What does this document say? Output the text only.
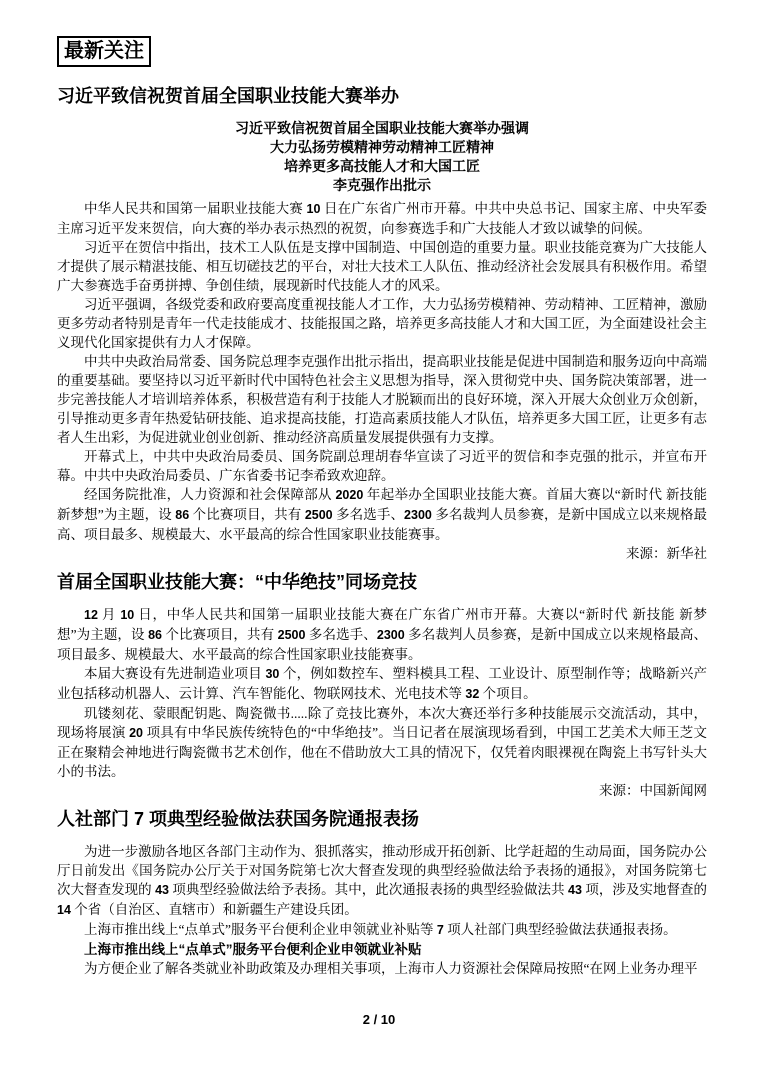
最新关注
习近平致信祝贺首届全国职业技能大赛举办
习近平致信祝贺首届全国职业技能大赛举办强调
大力弘扬劳模精神劳动精神工匠精神
培养更多高技能人才和大国工匠
李克强作出批示

中华人民共和国第一届职业技能大赛 10 日在广东省广州市开幕。中共中央总书记、国家主席、中央军委主席习近平发来贺信，向大赛的举办表示热烈的祝贺，向参赛选手和广大技能人才致以诚挚的问候。

习近平在贺信中指出，技术工人队伍是支撑中国制造、中国创造的重要力量。职业技能竞赛为广大技能人才提供了展示精湛技能、相互切磋技艺的平台，对壮大技术工人队伍、推动经济社会发展具有积极作用。希望广大参赛选手奋勇拼搏、争创佳绩，展现新时代技能人才的风采。

习近平强调，各级党委和政府要高度重视技能人才工作，大力弘扬劳模精神、劳动精神、工匠精神，激励更多劳动者特别是青年一代走技能成才、技能报国之路，培养更多高技能人才和大国工匠，为全面建设社会主义现代化国家提供有力人才保障。

中共中央政治局常委、国务院总理李克强作出批示指出，提高职业技能是促进中国制造和服务迈向中高端的重要基础。要坚持以习近平新时代中国特色社会主义思想为指导，深入贯彻党中央、国务院决策部署，进一步完善技能人才培训培养体系，积极营造有利于技能人才脱颖而出的良好环境，深入开展大众创业万众创新，引导推动更多青年热爱钻研技能、追求提高技能，打造高素质技能人才队伍，培养更多大国工匠，让更多有志者人生出彩，为促进就业创业创新、推动经济高质量发展提供强有力支撑。

开幕式上，中共中央政治局委员、国务院副总理胡春华宣读了习近平的贺信和李克强的批示，并宣布开幕。中共中央政治局委员、广东省委书记李希致欢迎辞。

经国务院批准，人力资源和社会保障部从 2020 年起举办全国职业技能大赛。首届大赛以“新时代 新技能 新梦想”为主题，设 86 个比赛项目，共有 2500 多名选手、2300 多名裁判人员参赛，是新中国成立以来规格最高、项目最多、规模最大、水平最高的综合性国家职业技能赛事。

来源：新华社
首届全国职业技能大赛：“中华绝技”同场竞技

12 月 10 日，中华人民共和国第一届职业技能大赛在广东省广州市开幕。大赛以“新时代 新技能 新梦想”为主题，设 86 个比赛项目，共有 2500 多名选手、2300 多名裁判人员参赛，是新中国成立以来规格最高、项目最多、规模最大、水平最高的综合性国家职业技能赛事。

本届大赛设有先进制造业项目 30 个，例如数控车、塑料模具工程、工业设计、原型制作等；战略新兴产业包括移动机器人、云计算、汽车智能化、物联网技术、光电技术等 32 个项目。

玑镂刻花、蒙眼配钥匙、陶瓷微书.....除了竞技比赛外，本次大赛还举行多种技能展示交流活动，其中，现场将展演 20 项具有中华民族传统特色的“中华绝技”。当日记者在展演现场看到，中国工艺美术大师王芝文正在聚精会神地进行陶瓷微书艺术创作，他在不借助放大工具的情况下，仅凭着肉眼裸视在陶瓷上书写针头大小的书法。

来源：中国新闻网
人社部门 7 项典型经验做法获国务院通报表扬

为进一步激励各地区各部门主动作为、狠抓落实，推动形成开拓创新、比学赶超的生动局面，国务院办公厅日前发出《国务院办公厅关于对国务院第七次大督查发现的典型经验做法给予表扬的通报》，对国务院第七次大督查发现的 43 项典型经验做法给予表扬。其中，此次通报表扬的典型经验做法共 43 项，涉及实地督查的 14 个省（自治区、直辖市）和新疆生产建设兵团。

上海市推出线上“点单式”服务平台便利企业申领就业补贴等 7 项人社部门典型经验做法获通报表扬。

上海市推出线上“点单式”服务平台便利企业申领就业补贴

为方便企业了解各类就业补助政策及办理相关事项，上海市人力资源社会保障局按照“在网上业务办理平

2 / 10
